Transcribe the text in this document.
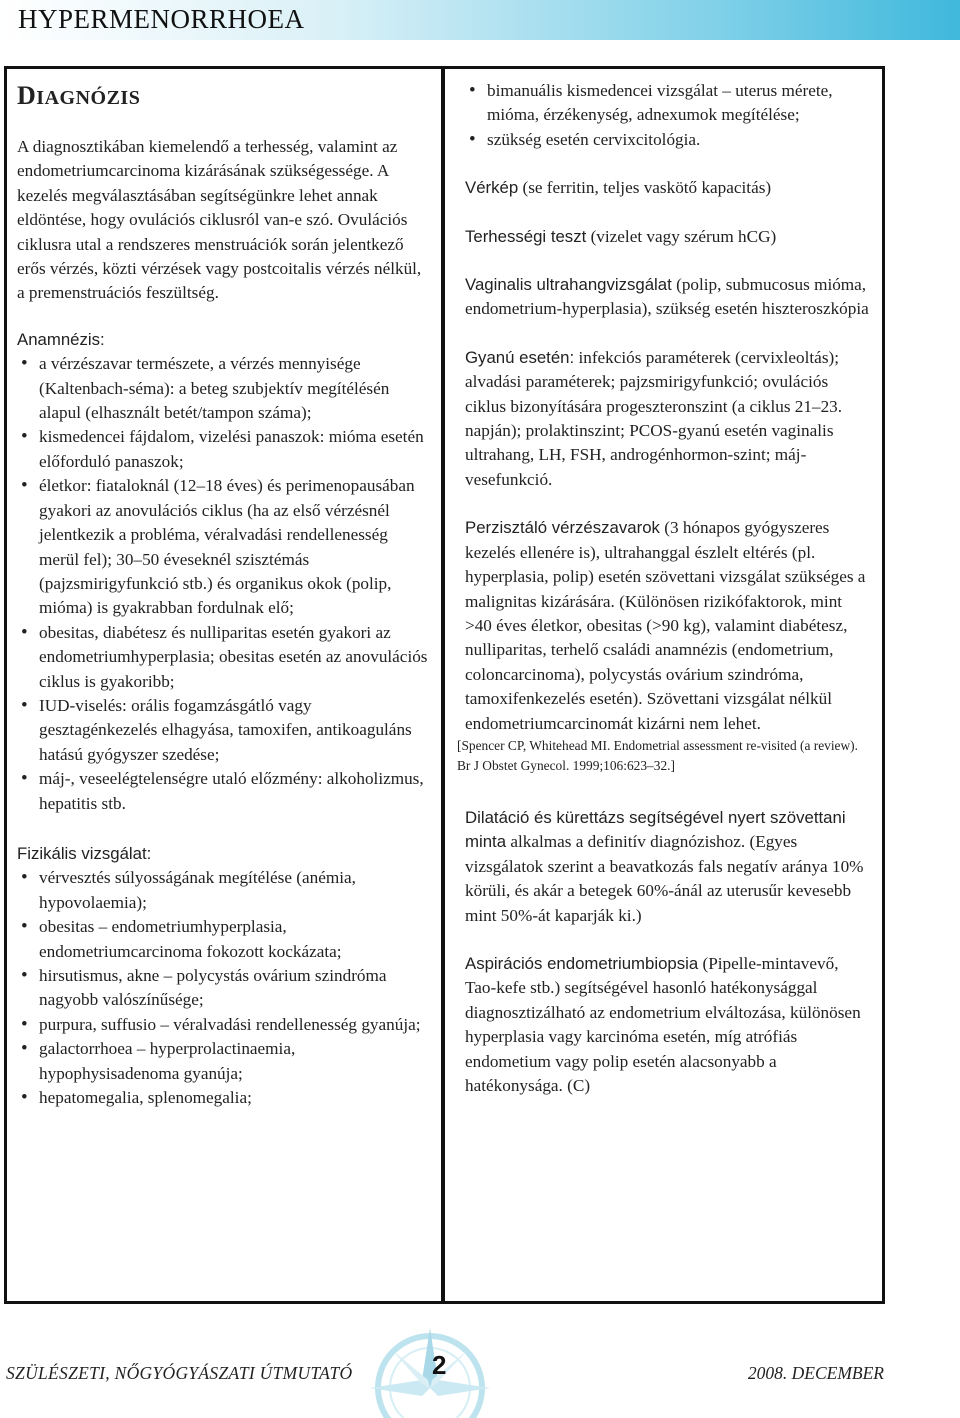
HYPERMENORRHOEA
DIAGNÓZIS

A diagnosztikában kiemelendő a terhesség, valamint az endometriumcarcinoma kizárásának szükségessége. A kezelés megválasztásában segítségünkre lehet annak eldöntése, hogy ovulációs ciklusról van-e szó. Ovulációs ciklusra utal a rendszeres menstruációk során jelentkező erős vérzés, közti vérzések vagy postcoitalis vérzés nélkül, a premenstruációs feszültség.

Anamnézis:
• a vérzészavar természete, a vérzés mennyisége (Kaltenbach-séma): a beteg szubjektív megítélésén alapul (elhasznált betét/tampon száma);
• kismedencei fájdalom, vizelési panaszok: mióma esetén előforduló panaszok;
• életkor: fiataloknál (12–18 éves) és perimenopausában gyakori az anovulációs ciklus (ha az első vérzésnél jelentkezik a probléma, véralvadási rendellenesség merül fel); 30–50 éveseknél szisztémás (pajzsmirigyfunkció stb.) és organikus okok (polip, mióma) is gyakrabban fordulnak elő;
• obesitas, diabétesz és nulliparitas esetén gyakori az endometriumhyperplasia; obesitas esetén az anovulációs ciklus is gyakoribb;
• IUD-viselés: orális fogamzásgátló vagy gesztagénkezelés elhagyása, tamoxifen, antikoaguláns hatású gyógyszer szedése;
• máj-, veseelégtelenségre utaló előzmény: alkoholizmus, hepatitis stb.
Fizikális vizsgálat:
• vérvesztés súlyosságának megítélése (anémia, hypovolaemia);
• obesitas – endometriumhyperplasia, endometriumcarcinoma fokozott kockázata;
• hirsutismus, akne – polycystás ovárium szindróma nagyobb valószínűsége;
• purpura, suffusio – véralvadási rendellenesség gyanúja;
• galactorrhoea – hyperprolactinaemia, hypophysisadenoma gyanúja;
• hepatomegalia, splenomegalia;
• bimanuális kismedencei vizsgálat – uterus mérete, mióma, érzékenység, adnexumok megítélése;
• szükség esetén cervixcitológia.

Vérkép (se ferritin, teljes vaskötő kapacitás)

Terhességi teszt (vizelet vagy szérum hCG)

Vaginalis ultrahangvizsgálat (polip, submucosus mióma, endometrium-hyperplasia), szükség esetén hiszteroszkópia

Gyanú esetén: infekciós paraméterek (cervixleoltás); alvadási paraméterek; pajzsmirigyfunkció; ovulációs ciklus bizonyítására progeszteronszint (a ciklus 21–23. napján); prolaktinszint; PCOS-gyanú esetén vaginalis ultrahang, LH, FSH, androgénhormon-szint; máj- vesefunkció.

Perzisztáló vérzészavarok (3 hónapos gyógyszeres kezelés ellenére is), ultrahanggal észlelt eltérés (pl. hyperplasia, polip) esetén szövettani vizsgálat szükséges a malignitas kizárására. (Különösen rizikófaktorok, mint >40 éves életkor, obesitas (>90 kg), valamint diabétesz, nulliparitas, terhelő családi anamnézis (endometrium, coloncarcinoma), polycystás ovárium szindróma, tamoxifenkezelés esetén). Szövettani vizsgálat nélkül endometriumcarcinomát kizárni nem lehet.

[Spencer CP, Whitehead MI. Endometrial assessment re-visited (a review). Br J Obstet Gynecol. 1999;106:623–32.]

Dilatáció és kürettázs segítségével nyert szövettani minta alkalmas a definitív diagnózishoz. (Egyes vizsgálatok szerint a beavatkozás fals negatív aránya 10% körüli, és akár a betegek 60%-ánál az uterusűr kevesebb mint 50%-át kaparják ki.)

Aspirációs endometriumbiopsia (Pipelle-mintavevő, Tao-kefe stb.) segítségével hasonló hatékonysággal diagnosztizálható az endometrium elváltozása, különösen hyperplasia vagy karcinóma esetén, míg atrófiás endometium vagy polip esetén alacsonyabb a hatékonysága. (C)

SZÜLÉSZETI, NŐGYÓGYÁSZATI ÚTMUTATÓ	2	2008. DECEMBER
